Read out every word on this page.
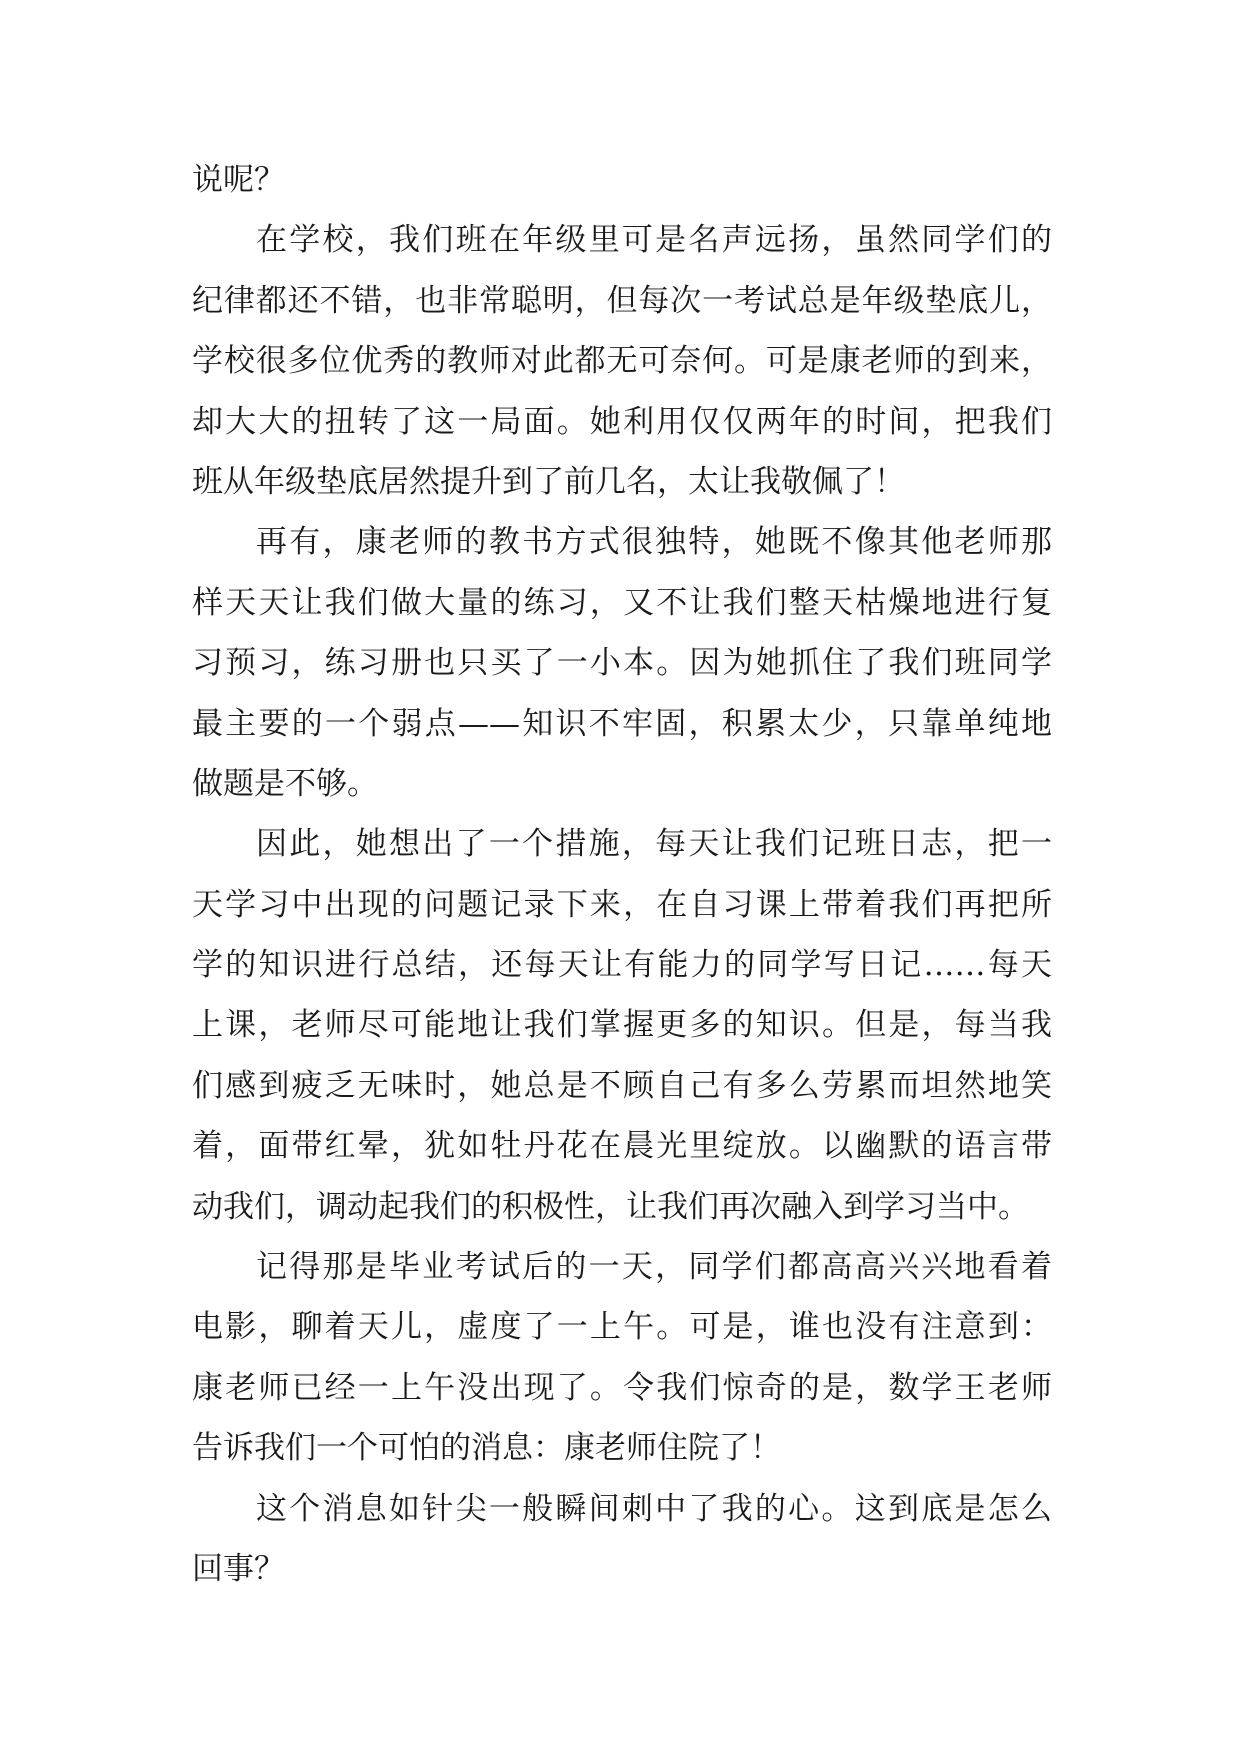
说呢？
在学校，我们班在年级里可是名声远扬，虽然同学们的
纪律都还不错，也非常聪明，但每次一考试总是年级垫底儿，
学校很多位优秀的教师对此都无可奈何。可是康老师的到来，
却大大的扭转了这一局面。她利用仅仅两年的时间，把我们
班从年级垫底居然提升到了前几名，太让我敬佩了！
再有，康老师的教书方式很独特，她既不像其他老师那
样天天让我们做大量的练习，又不让我们整天枯燥地进行复
习预习，练习册也只买了一小本。因为她抓住了我们班同学
最主要的一个弱点——知识不牢固，积累太少，只靠单纯地
做题是不够。
因此，她想出了一个措施，每天让我们记班日志，把一
天学习中出现的问题记录下来，在自习课上带着我们再把所
学的知识进行总结，还每天让有能力的同学写日记……每天
上课，老师尽可能地让我们掌握更多的知识。但是，每当我
们感到疲乏无味时，她总是不顾自己有多么劳累而坦然地笑
着，面带红晕，犹如牡丹花在晨光里绽放。以幽默的语言带
动我们，调动起我们的积极性，让我们再次融入到学习当中。
记得那是毕业考试后的一天，同学们都高高兴兴地看着
电影，聊着天儿，虚度了一上午。可是，谁也没有注意到：
康老师已经一上午没出现了。令我们惊奇的是，数学王老师
告诉我们一个可怕的消息：康老师住院了！
这个消息如针尖一般瞬间刺中了我的心。这到底是怎么
回事？
